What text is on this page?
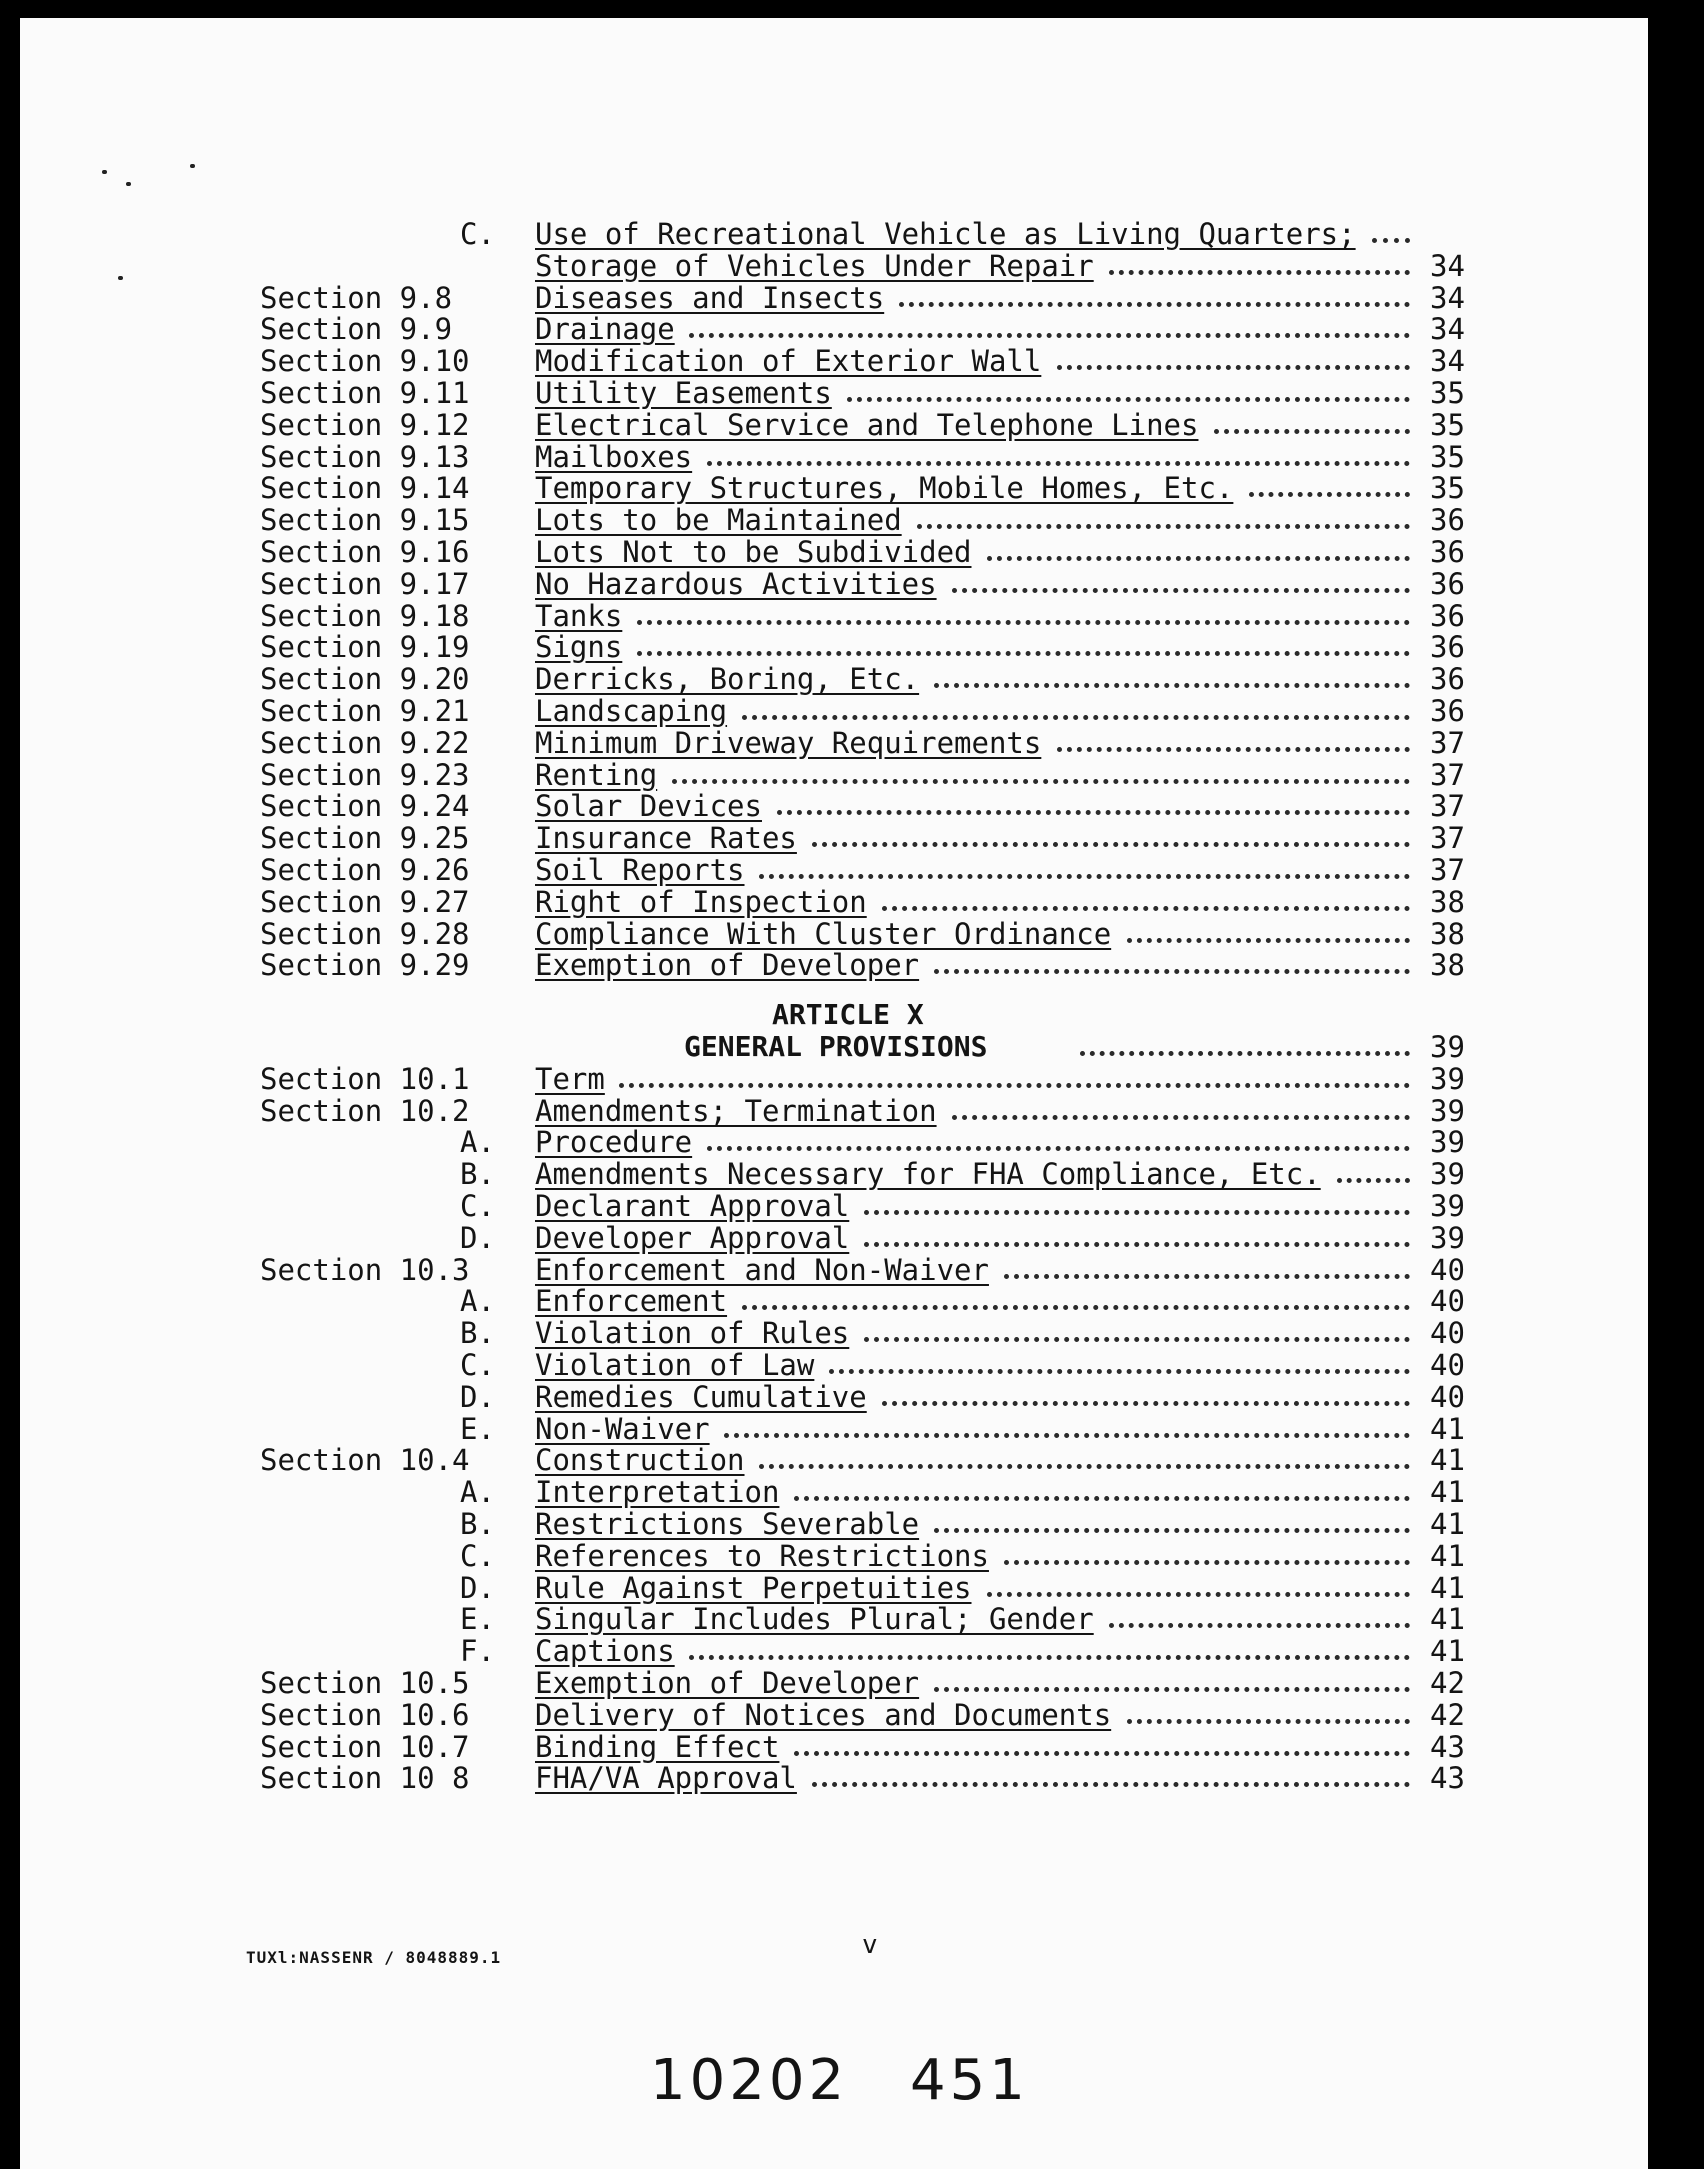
C. Use of Recreational Vehicle as Living Quarters;
Storage of Vehicles Under Repair	34
Section 9.8	Diseases and Insects	34
Section 9.9	Drainage	34
Section 9.10 Modification of Exterior Wall	34
Section 9.11 Utility Easements	35
Section 9.12 Electrical Service and Telephone Lines	35
Section 9.13 Mailboxes	35
Section 9.14 Temporary Structures, Mobile Homes, Etc.	35
Section 9.15 Lots to be Maintained	36
Section 9.16 Lots Not to be Subdivided	36
Section 9.17 No Hazardous Activities	36
Section 9.18 Tanks	36
Section 9.19 Signs	36
Section 9.20 Derricks, Boring, Etc.	36
Section 9.21 Landscaping	36
Section 9.22 Minimum Driveway Requirements	37
Section 9.23 Renting	37
Section 9.24 Solar Devices	37
Section 9.25 Insurance Rates	37
Section 9.26 Soil Reports	37
Section 9.27 Right of Inspection	38
Section 9.28 Compliance With Cluster Ordinance	38
Section 9.29 Exemption of Developer	38
ARTICLE X
GENERAL PROVISIONS	39
Section 10.1 Term	39
Section 10.2 Amendments; Termination	39
A. Procedure	39
B. Amendments Necessary for FHA Compliance, Etc.	39
C. Declarant Approval	39
D. Developer Approval	39
Section 10.3 Enforcement and Non-Waiver	40
A. Enforcement	40
B. Violation of Rules	40
C. Violation of Law	40
D. Remedies Cumulative	40
E. Non-Waiver	41
Section 10.4 Construction	41
A. Interpretation	41
B. Restrictions Severable	41
C. References to Restrictions	41
D. Rule Against Perpetuities	41
E. Singular Includes Plural; Gender	41
F. Captions	41
Section 10.5 Exemption of Developer	42
Section 10.6 Delivery of Notices and Documents	42
Section 10.7 Binding Effect	43
Section 10 8 FHA/VA Approval	43
TUXl:NASSENR / 8048889.1	v
10202 451
